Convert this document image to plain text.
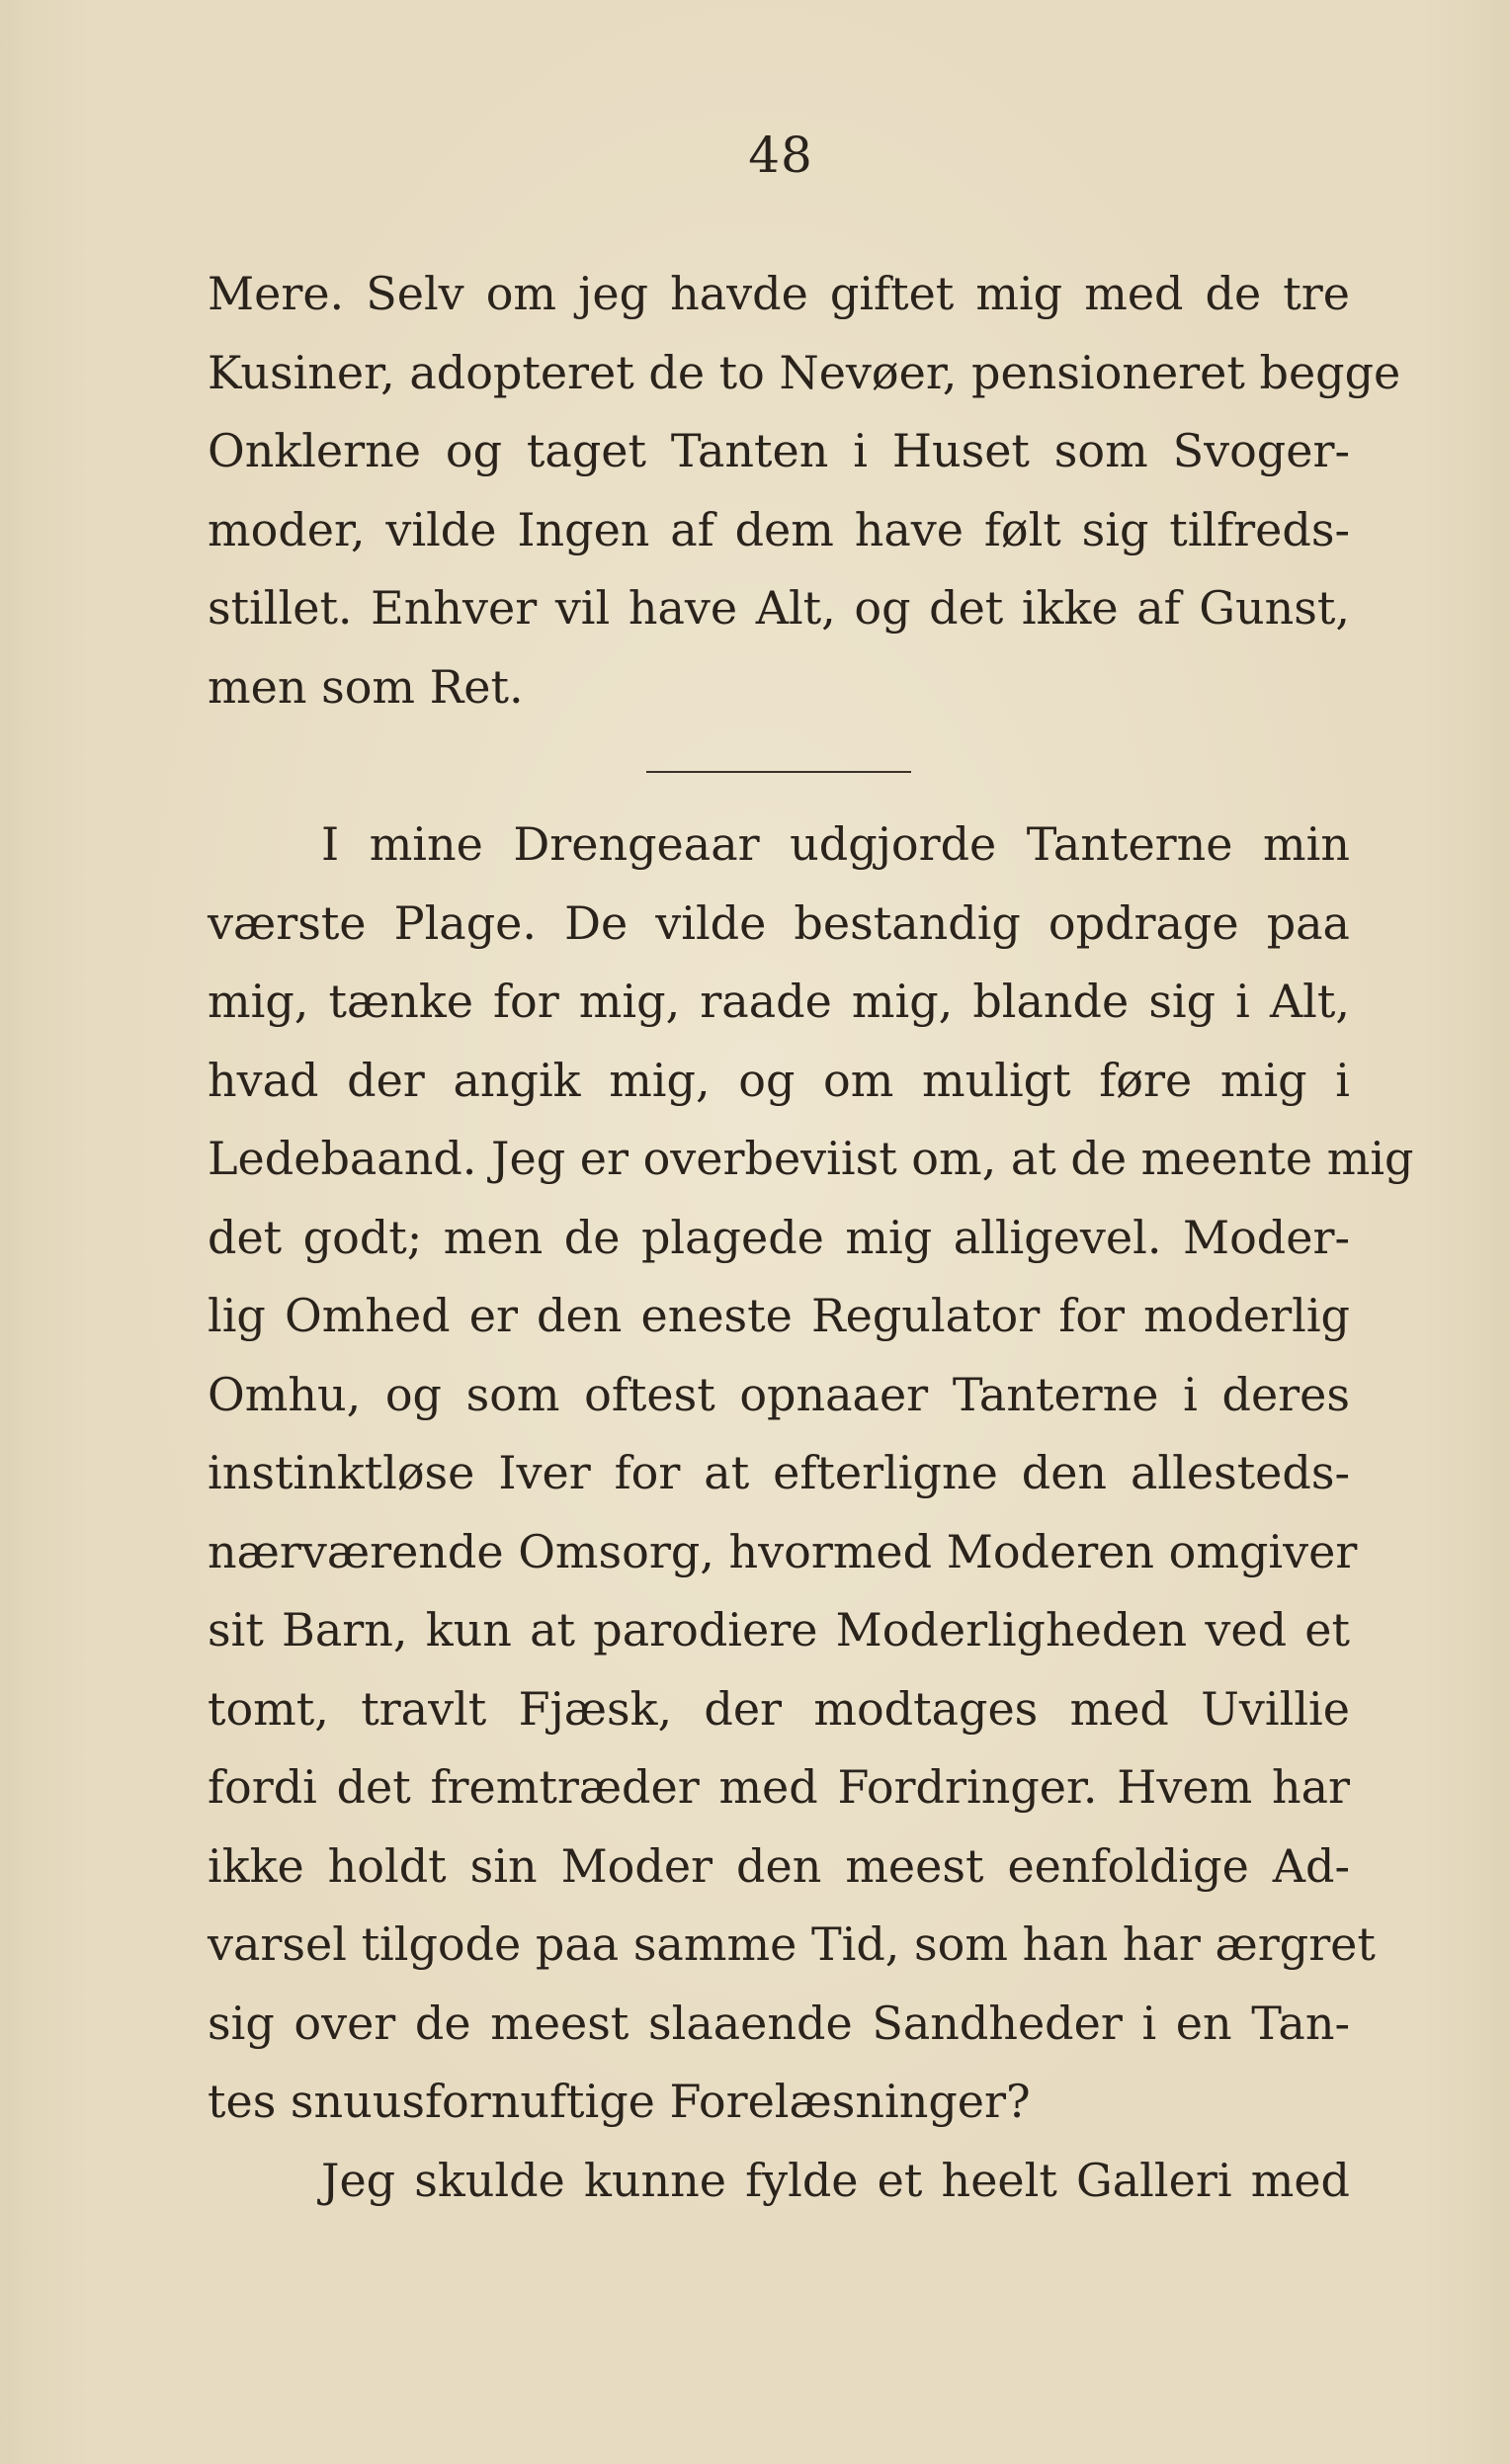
48
Mere. Selv om jeg havde giftet mig med de tre
Kusiner, adopteret de to Nevøer, pensioneret begge
Onklerne og taget Tanten i Huset som Svoger-
moder, vilde Ingen af dem have følt sig tilfreds-
stillet. Enhver vil have Alt, og det ikke af Gunst,
men som Ret.
I mine Drengeaar udgjorde Tanterne min
værste Plage. De vilde bestandig opdrage paa
mig, tænke for mig, raade mig, blande sig i Alt,
hvad der angik mig, og om muligt føre mig i
Ledebaand. Jeg er overbeviist om, at de meente mig
det godt; men de plagede mig alligevel. Moder-
lig Omhed er den eneste Regulator for moderlig
Omhu, og som oftest opnaaer Tanterne i deres
instinktløse Iver for at efterligne den allesteds-
nærværende Omsorg, hvormed Moderen omgiver
sit Barn, kun at parodiere Moderligheden ved et
tomt, travlt Fjæsk, der modtages med Uvillie
fordi det fremtræder med Fordringer. Hvem har
ikke holdt sin Moder den meest eenfoldige Ad-
varsel tilgode paa samme Tid, som han har ærgret
sig over de meest slaaende Sandheder i en Tan-
tes snuusfornuftige Forelæsninger?
Jeg skulde kunne fylde et heelt Galleri med
